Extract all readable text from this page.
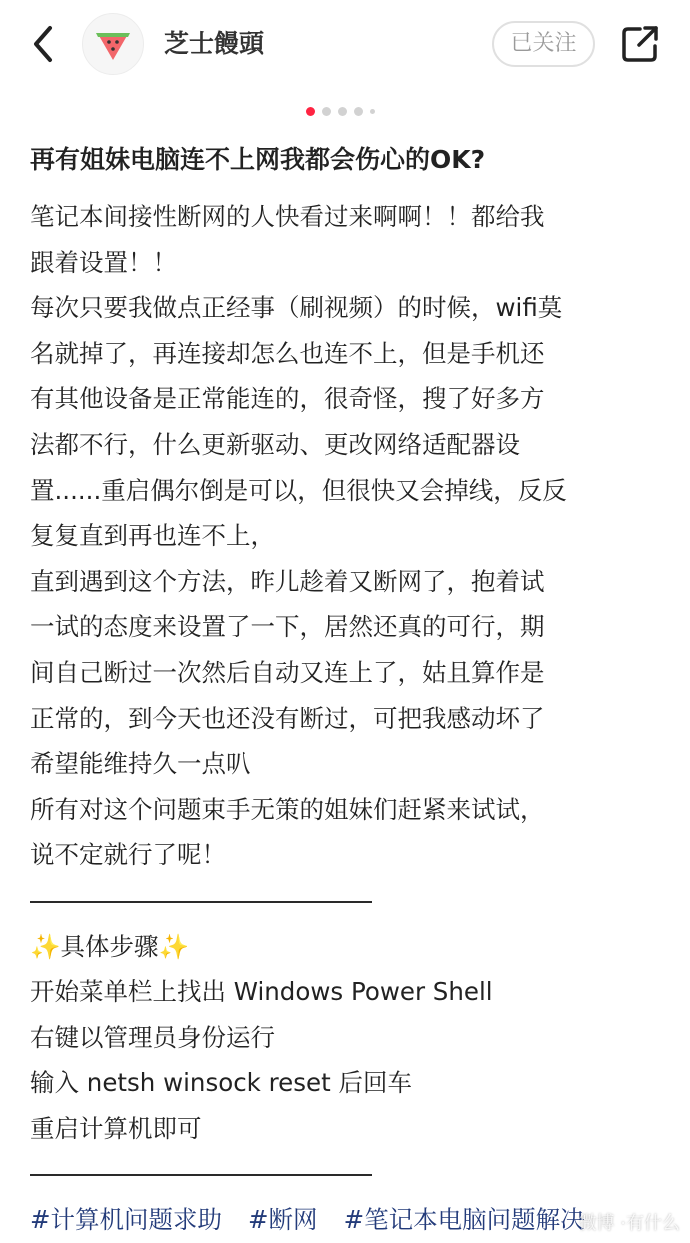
芝士饅頭	已关注
再有姐妹电脑连不上网我都会伤心的OK?
笔记本间接性断网的人快看过来啊啊！！都给我
跟着设置！！
每次只要我做点正经事（刷视频）的时候，wifi莫
名就掉了，再连接却怎么也连不上，但是手机还
有其他设备是正常能连的，很奇怪，搜了好多方
法都不行，什么更新驱动、更改网络适配器设
置......重启偶尔倒是可以，但很快又会掉线，反反
复复直到再也连不上，
直到遇到这个方法，昨儿趁着又断网了，抱着试
一试的态度来设置了一下，居然还真的可行，期
间自己断过一次然后自动又连上了，姑且算作是
正常的，到今天也还没有断过，可把我感动坏了
希望能维持久一点叭
所有对这个问题束手无策的姐妹们赶紧来试试，
说不定就行了呢！
✨具体步骤✨
开始菜单栏上找出 Windows Power Shell
右键以管理员身份运行
输入 netsh winsock reset 后回车
重启计算机即可
#计算机问题求助 #断网 #笔记本电脑问题解决
微博 ·有什么
